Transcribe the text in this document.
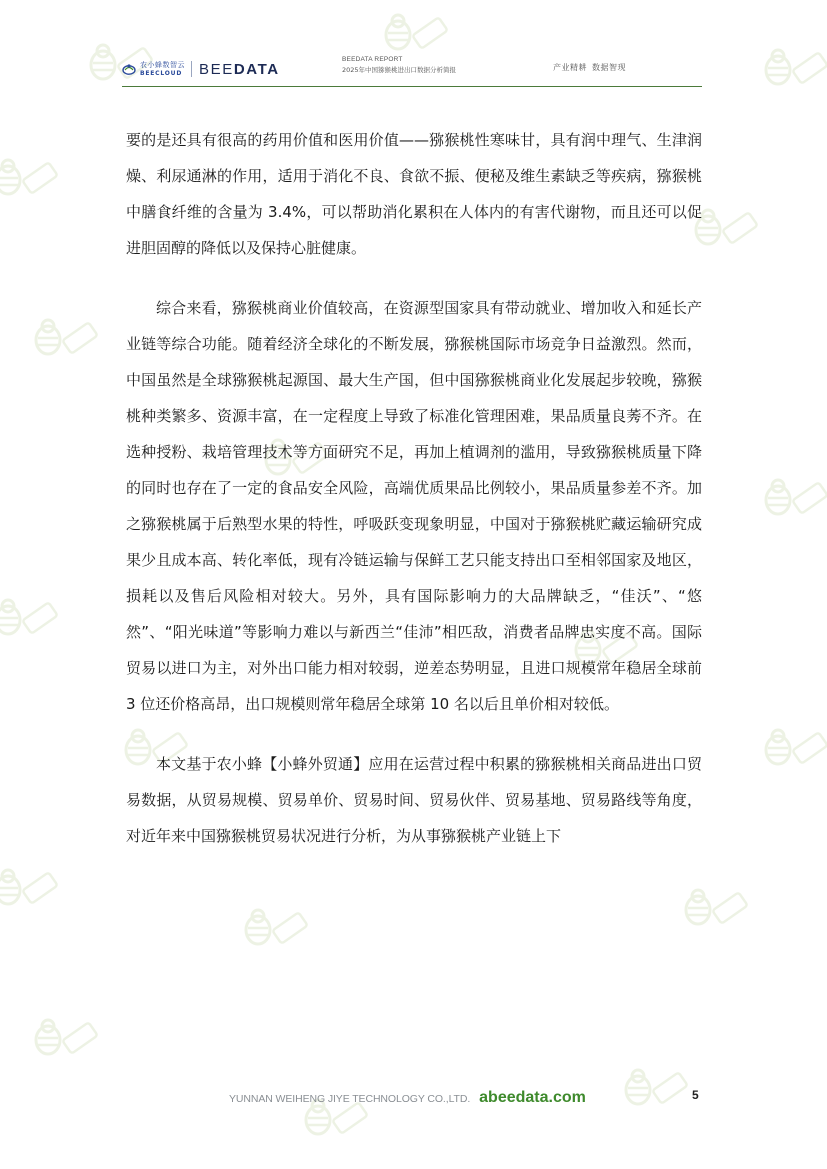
农小蜂数智云
BEECLOUD BEEDATA
BEEDATA REPORT
2025年中国猕猴桃进出口数据分析简报	产业精耕 数据智现

要的是还具有很高的药用价值和医用价值——猕猴桃性寒味甘，具有润中理气、生津润燥、利尿通淋的作用，适用于消化不良、食欲不振、便秘及维生素缺乏等疾病，猕猴桃中膳食纤维的含量为 3.4%，可以帮助消化累积在人体内的有害代谢物，而且还可以促进胆固醇的降低以及保持心脏健康。

综合来看，猕猴桃商业价值较高，在资源型国家具有带动就业、增加收入和延长产业链等综合功能。随着经济全球化的不断发展，猕猴桃国际市场竞争日益激烈。然而，中国虽然是全球猕猴桃起源国、最大生产国，但中国猕猴桃商业化发展起步较晚，猕猴桃种类繁多、资源丰富，在一定程度上导致了标准化管理困难，果品质量良莠不齐。在选种授粉、栽培管理技术等方面研究不足，再加上植调剂的滥用，导致猕猴桃质量下降的同时也存在了一定的食品安全风险，高端优质果品比例较小，果品质量参差不齐。加之猕猴桃属于后熟型水果的特性，呼吸跃变现象明显，中国对于猕猴桃贮藏运输研究成果少且成本高、转化率低，现有冷链运输与保鲜工艺只能支持出口至相邻国家及地区，损耗以及售后风险相对较大。另外，具有国际影响力的大品牌缺乏，“佳沃”、“悠然”、“阳光味道”等影响力难以与新西兰“佳沛”相匹敌，消费者品牌忠实度不高。国际贸易以进口为主，对外出口能力相对较弱，逆差态势明显，且进口规模常年稳居全球前 3 位还价格高昂，出口规模则常年稳居全球第 10 名以后且单价相对较低。

本文基于农小蜂【小蜂外贸通】应用在运营过程中积累的猕猴桃相关商品进出口贸易数据，从贸易规模、贸易单价、贸易时间、贸易伙伴、贸易基地、贸易路线等角度，对近年来中国猕猴桃贸易状况进行分析，为从事猕猴桃产业链上下

YUNNAN WEIHENG JIYE TECHNOLOGY CO.,LTD. abeedata.com	5
